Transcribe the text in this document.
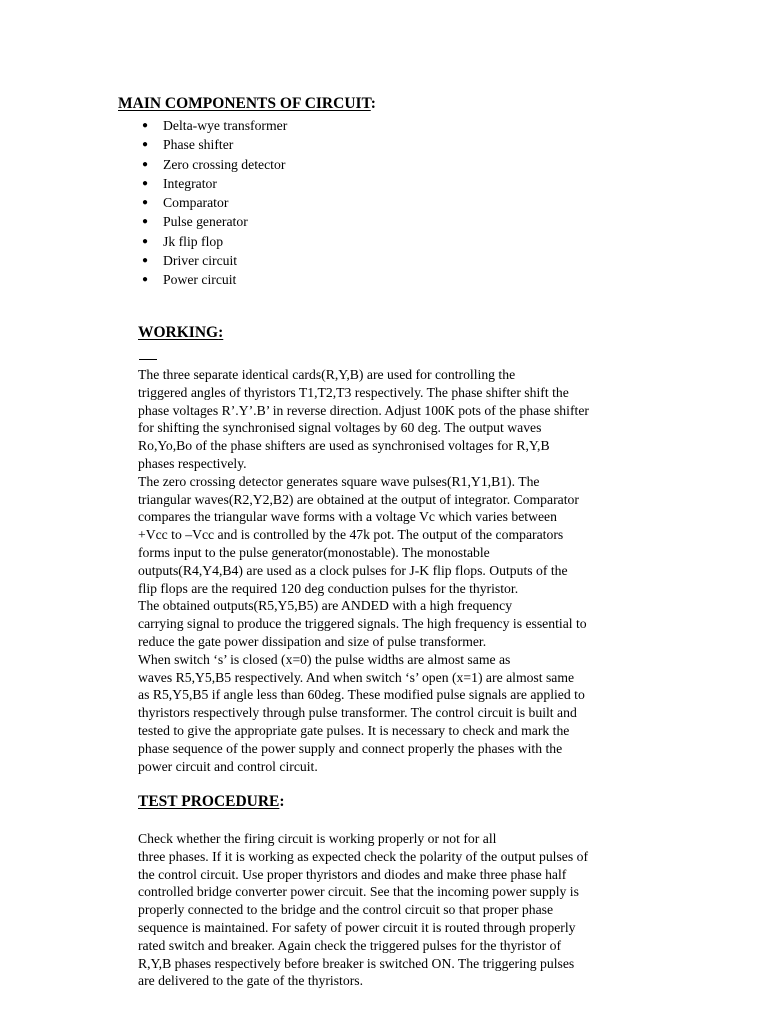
MAIN COMPONENTS OF CIRCUIT:
● Delta-wye transformer
● Phase shifter
● Zero crossing detector
● Integrator
● Comparator
● Pulse generator
● Jk flip flop
● Driver circuit
● Power circuit
WORKING:

The three separate identical cards(R,Y,B) are used for controlling the
triggered angles of thyristors T1,T2,T3 respectively. The phase shifter shift the
phase voltages R’.Y’.B’ in reverse direction. Adjust 100K pots of the phase shifter
for shifting the synchronised signal voltages by 60 deg. The output waves
Ro,Yo,Bo of the phase shifters are used as synchronised voltages for R,Y,B
phases respectively.
The zero crossing detector generates square wave pulses(R1,Y1,B1). The
triangular waves(R2,Y2,B2) are obtained at the output of integrator. Comparator
compares the triangular wave forms with a voltage Vc which varies between
+Vcc to –Vcc and is controlled by the 47k pot. The output of the comparators
forms input to the pulse generator(monostable). The monostable
outputs(R4,Y4,B4) are used as a clock pulses for J-K flip flops. Outputs of the
flip flops are the required 120 deg conduction pulses for the thyristor.
The obtained outputs(R5,Y5,B5) are ANDED with a high frequency
carrying signal to produce the triggered signals. The high frequency is essential to
reduce the gate power dissipation and size of pulse transformer.
When switch ‘s’ is closed (x=0) the pulse widths are almost same as
waves R5,Y5,B5 respectively. And when switch ‘s’ open (x=1) are almost same
as R5,Y5,B5 if angle less than 60deg. These modified pulse signals are applied to
thyristors respectively through pulse transformer. The control circuit is built and
tested to give the appropriate gate pulses. It is necessary to check and mark the
phase sequence of the power supply and connect properly the phases with the
power circuit and control circuit.

TEST PROCEDURE:

Check whether the firing circuit is working properly or not for all
three phases. If it is working as expected check the polarity of the output pulses of
the control circuit. Use proper thyristors and diodes and make three phase half
controlled bridge converter power circuit. See that the incoming power supply is
properly connected to the bridge and the control circuit so that proper phase
sequence is maintained. For safety of power circuit it is routed through properly
rated switch and breaker. Again check the triggered pulses for the thyristor of
R,Y,B phases respectively before breaker is switched ON. The triggering pulses
are delivered to the gate of the thyristors.
